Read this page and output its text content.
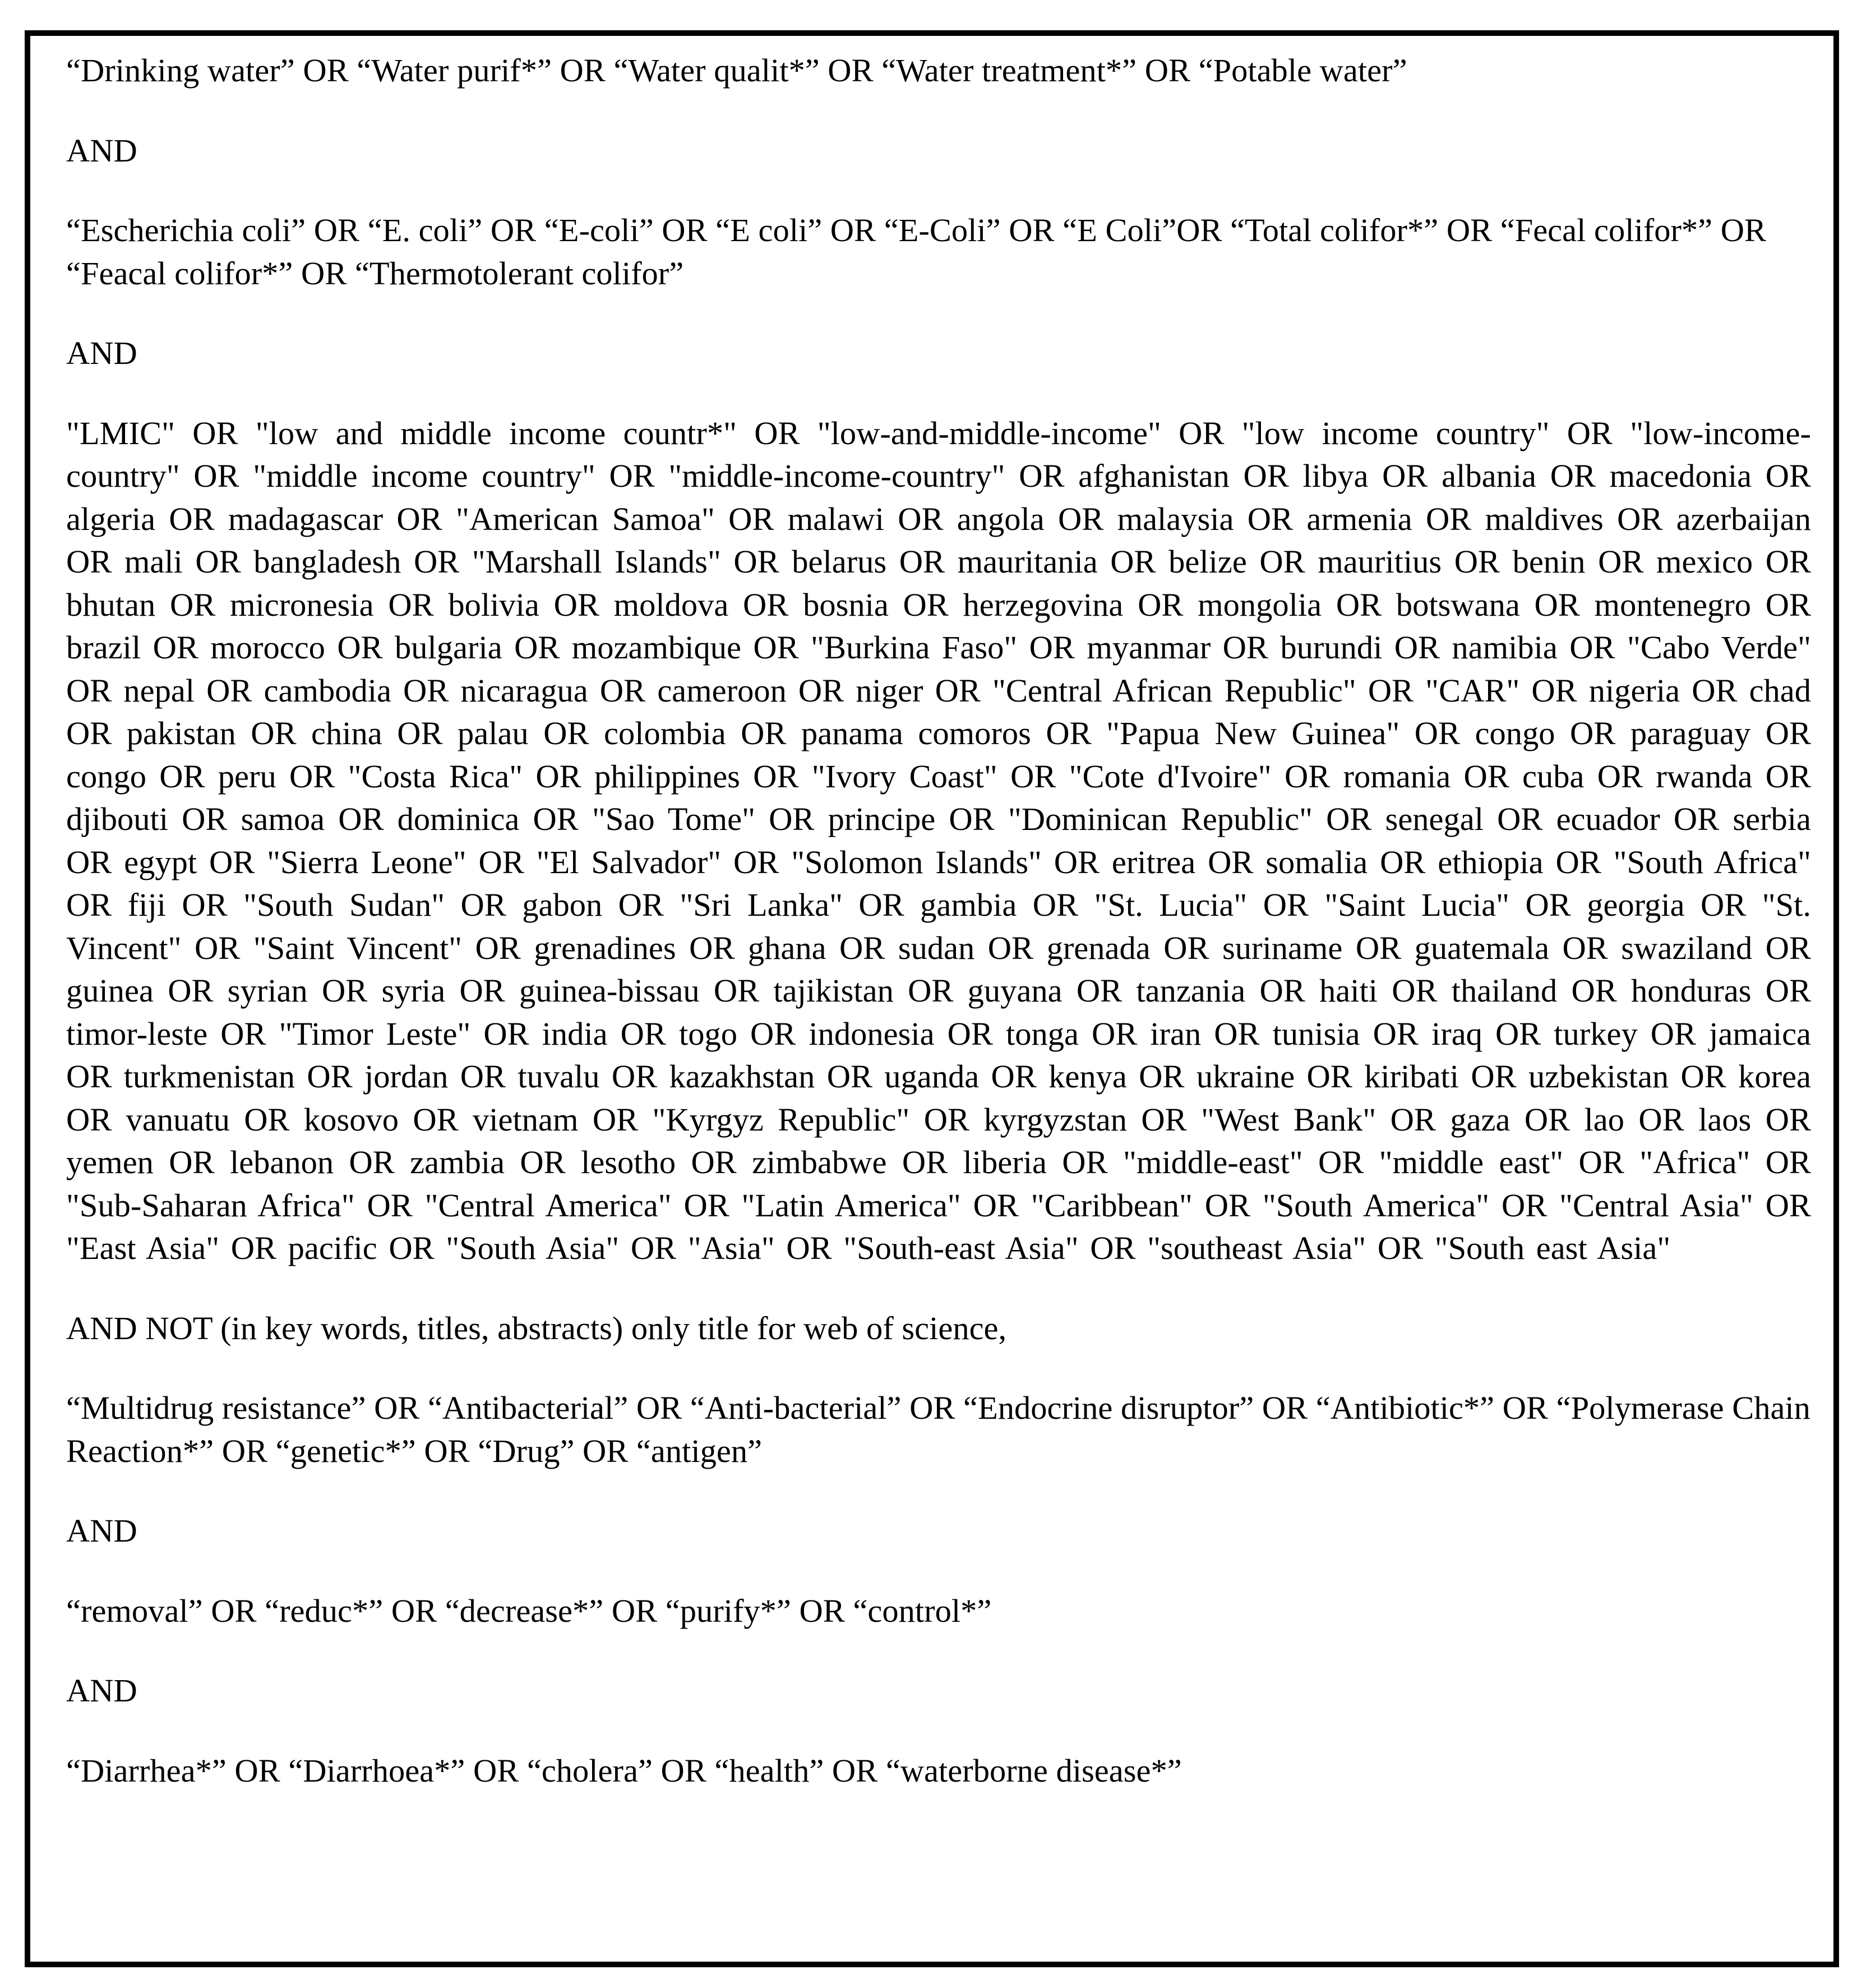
“Drinking water” OR “Water purif*” OR “Water qualit*” OR “Water treatment*” OR “Potable water”

AND

“Escherichia coli” OR “E. coli” OR “E-coli” OR “E coli” OR “E-Coli” OR “E Coli”OR “Total colifor*” OR “Fecal colifor*” OR “Feacal colifor*” OR “Thermotolerant colifor”

AND

"LMIC" OR "low and middle income countr*" OR "low-and-middle-income" OR "low income country" OR "low-income-country" OR "middle income country" OR "middle-income-country" OR afghanistan OR libya OR albania OR macedonia OR algeria OR madagascar OR "American Samoa" OR malawi OR angola OR malaysia OR armenia OR maldives OR azerbaijan OR mali OR bangladesh OR "Marshall Islands" OR belarus OR mauritania OR belize OR mauritius OR benin OR mexico OR bhutan OR micronesia OR bolivia OR moldova OR bosnia OR herzegovina OR mongolia OR botswana OR montenegro OR brazil OR morocco OR bulgaria OR mozambique OR "Burkina Faso" OR myanmar OR burundi OR namibia OR "Cabo Verde" OR nepal OR cambodia OR nicaragua OR cameroon OR niger OR "Central African Republic" OR "CAR" OR nigeria OR chad OR pakistan OR china OR palau OR colombia OR panama comoros OR "Papua New Guinea" OR congo OR paraguay OR congo OR peru OR "Costa Rica" OR philippines OR "Ivory Coast" OR "Cote d'Ivoire" OR romania OR cuba OR rwanda OR djibouti OR samoa OR dominica OR "Sao Tome" OR principe OR "Dominican Republic" OR senegal OR ecuador OR serbia OR egypt OR "Sierra Leone" OR "El Salvador" OR "Solomon Islands" OR eritrea OR somalia OR ethiopia OR "South Africa" OR fiji OR "South Sudan" OR gabon OR "Sri Lanka" OR gambia OR "St. Lucia" OR "Saint Lucia" OR georgia OR "St. Vincent" OR "Saint Vincent" OR grenadines OR ghana OR sudan OR grenada OR suriname OR guatemala OR swaziland OR guinea OR syrian OR syria OR guinea-bissau OR tajikistan OR guyana OR tanzania OR haiti OR thailand OR honduras OR timor-leste OR "Timor Leste" OR india OR togo OR indonesia OR tonga OR iran OR tunisia OR iraq OR turkey OR jamaica OR turkmenistan OR jordan OR tuvalu OR kazakhstan OR uganda OR kenya OR ukraine OR kiribati OR uzbekistan OR korea OR vanuatu OR kosovo OR vietnam OR "Kyrgyz Republic" OR kyrgyzstan OR "West Bank" OR gaza OR lao OR laos OR yemen OR lebanon OR zambia OR lesotho OR zimbabwe OR liberia OR "middle-east" OR "middle east" OR "Africa" OR "Sub-Saharan Africa" OR "Central America" OR "Latin America" OR "Caribbean" OR "South America" OR "Central Asia" OR "East Asia" OR pacific OR "South Asia" OR "Asia" OR "South-east Asia" OR "southeast Asia" OR "South east Asia"

AND NOT (in key words, titles, abstracts) only title for web of science,

“Multidrug resistance” OR “Antibacterial” OR “Anti-bacterial” OR “Endocrine disruptor” OR “Antibiotic*” OR “Polymerase Chain Reaction*” OR “genetic*” OR “Drug” OR “antigen”

AND

“removal” OR “reduc*” OR “decrease*” OR “purify*” OR “control*”

AND

“Diarrhea*” OR “Diarrhoea*” OR “cholera” OR “health” OR “waterborne disease*”
